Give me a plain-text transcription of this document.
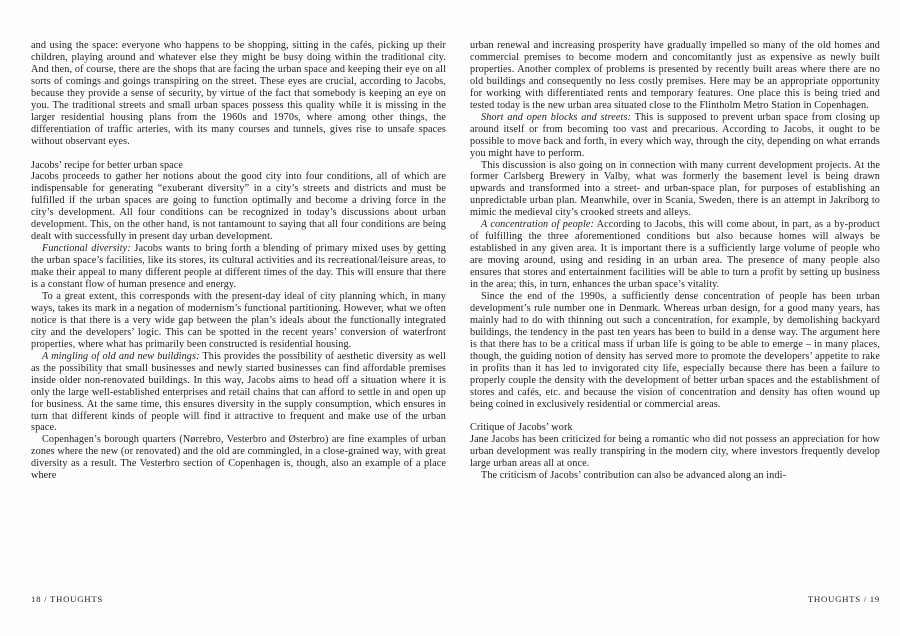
and using the space: everyone who happens to be shopping, sitting in the cafés, picking up their children, playing around and whatever else they might be busy doing within the traditional city. And then, of course, there are the shops that are facing the urban space and keeping their eye on all sorts of comings and goings transpiring on the street. These eyes are crucial, according to Jacobs, because they provide a sense of security, by virtue of the fact that somebody is keeping an eye on you. The traditional streets and small urban spaces possess this quality while it is missing in the larger residential housing plans from the 1960s and 1970s, where among other things, the differentiation of traffic arteries, with its many courses and tunnels, gives rise to unsafe spaces without observant eyes.

Jacobs’ recipe for better urban space

Jacobs proceeds to gather her notions about the good city into four conditions, all of which are indispensable for generating “exuberant diversity” in a city’s streets and districts and must be fulfilled if the urban spaces are going to function optimally and become a driving force in the city’s development. All four conditions can be recognized in today’s discussions about urban development. This, on the other hand, is not tantamount to saying that all four conditions are being dealt with successfully in present day urban development.

Functional diversity: Jacobs wants to bring forth a blending of primary mixed uses by getting the urban space’s facilities, like its stores, its cultural activities and its recreational/leisure areas, to make their appeal to many different people at different times of the day. This will ensure that there is a constant flow of human presence and energy.

To a great extent, this corresponds with the present-day ideal of city planning which, in many ways, takes its mark in a negation of modernism’s functional partitioning. However, what we often notice is that there is a very wide gap between the plan’s ideals about the functionally integrated city and the developers’ logic. This can be spotted in the recent years’ conversion of waterfront properties, where what has primarily been constructed is residential housing.

A mingling of old and new buildings: This provides the possibility of aesthetic diversity as well as the possibility that small businesses and newly started businesses can find affordable premises inside older non-renovated buildings. In this way, Jacobs aims to head off a situation where it is only the large well-established enterprises and retail chains that can afford to settle in and open up for business. At the same time, this ensures diversity in the supply consumption, which ensures in turn that different kinds of people will find it attractive to frequent and make use of the urban space.

Copenhagen’s borough quarters (Nørrebro, Vesterbro and Østerbro) are fine examples of urban zones where the new (or renovated) and the old are commingled, in a close-grained way, with great diversity as a result. The Vesterbro section of Copenhagen is, though, also an example of a place where

18 / THOUGHTS

urban renewal and increasing prosperity have gradually impelled so many of the old homes and commercial premises to become modern and concomitantly just as expensive as newly built properties. Another complex of problems is presented by recently built areas where there are no old buildings and consequently no less costly premises. Here may be an appropriate opportunity for working with differentiated rents and temporary features. One place this is being tried and tested today is the new urban area situated close to the Flintholm Metro Station in Copenhagen.

Short and open blocks and streets: This is supposed to prevent urban space from closing up around itself or from becoming too vast and precarious. According to Jacobs, it ought to be possible to move back and forth, in every which way, through the city, depending on what errands you might have to perform.

This discussion is also going on in connection with many current development projects. At the former Carlsberg Brewery in Valby, what was formerly the basement level is being drawn upwards and transformed into a street- and urban-space plan, for purposes of establishing an unpredictable urban plan. Meanwhile, over in Scania, Sweden, there is an attempt in Jakriborg to mimic the medieval city’s crooked streets and alleys.

A concentration of people: According to Jacobs, this will come about, in part, as a by-product of fulfilling the three aforementioned conditions but also because homes will always be established in any given area. It is important there is a sufficiently large volume of people who are moving around, using and residing in an urban area. The presence of many people also ensures that stores and entertainment facilities will be able to turn a profit by setting up business in the area; this, in turn, enhances the urban space’s vitality.

Since the end of the 1990s, a sufficiently dense concentration of people has been urban development’s rule number one in Denmark. Whereas urban design, for a good many years, has mainly had to do with thinning out such a concentration, for example, by demolishing backyard buildings, the tendency in the past ten years has been to build in a dense way. The argument here is that there has to be a critical mass if urban life is going to be able to emerge – in many places, though, the guiding notion of density has served more to promote the developers’ appetite to rake in profits than it has led to invigorated city life, especially because there has been a failure to properly couple the density with the development of better urban spaces and the establishment of stores and cafés, etc. and because the vision of concentration and density has often wound up being coined in exclusively residential or commercial areas.

Critique of Jacobs’ work

Jane Jacobs has been criticized for being a romantic who did not possess an appreciation for how urban development was really transpiring in the modern city, where investors frequently develop large urban areas all at once.

The criticism of Jacobs’ contribution can also be advanced along an indi-

THOUGHTS / 19
